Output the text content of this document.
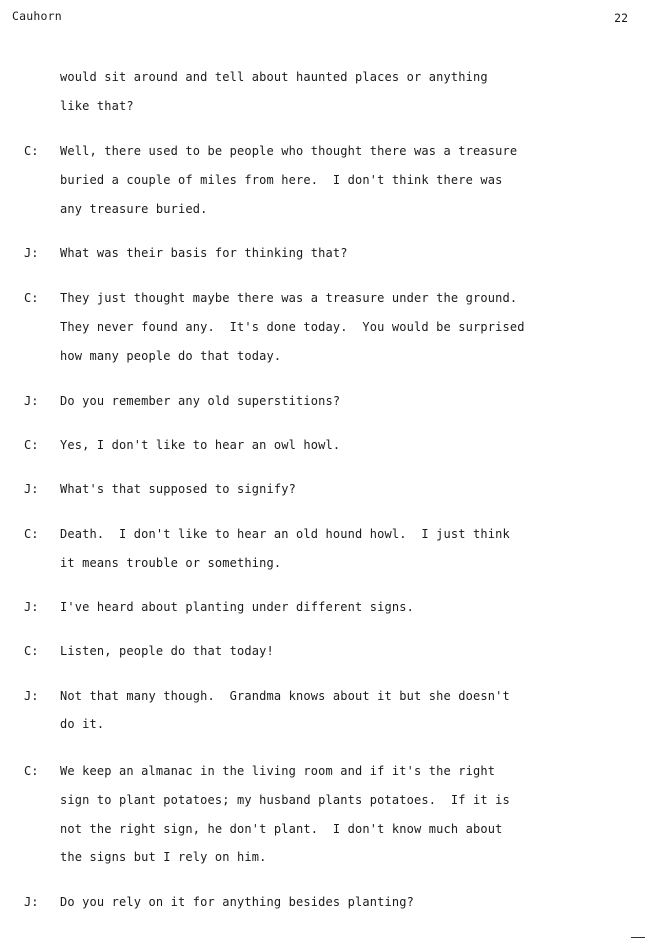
Cauhorn	22
would sit around and tell about haunted places or anything
like that?
C: Well, there used to be people who thought there was a treasure
buried a couple of miles from here.  I don't think there was
any treasure buried.
J: What was their basis for thinking that?
C: They just thought maybe there was a treasure under the ground.
They never found any.  It's done today.  You would be surprised
how many people do that today.
J: Do you remember any old superstitions?
C: Yes, I don't like to hear an owl howl.
J: What's that supposed to signify?
C: Death.  I don't like to hear an old hound howl.  I just think
it means trouble or something.
J: I've heard about planting under different signs.
C: Listen, people do that today!
J: Not that many though.  Grandma knows about it but she doesn't
do it.
C: We keep an almanac in the living room and if it's the right
sign to plant potatoes; my husband plants potatoes.  If it is
not the right sign, he don't plant.  I don't know much about
the signs but I rely on him.
J: Do you rely on it for anything besides planting?
